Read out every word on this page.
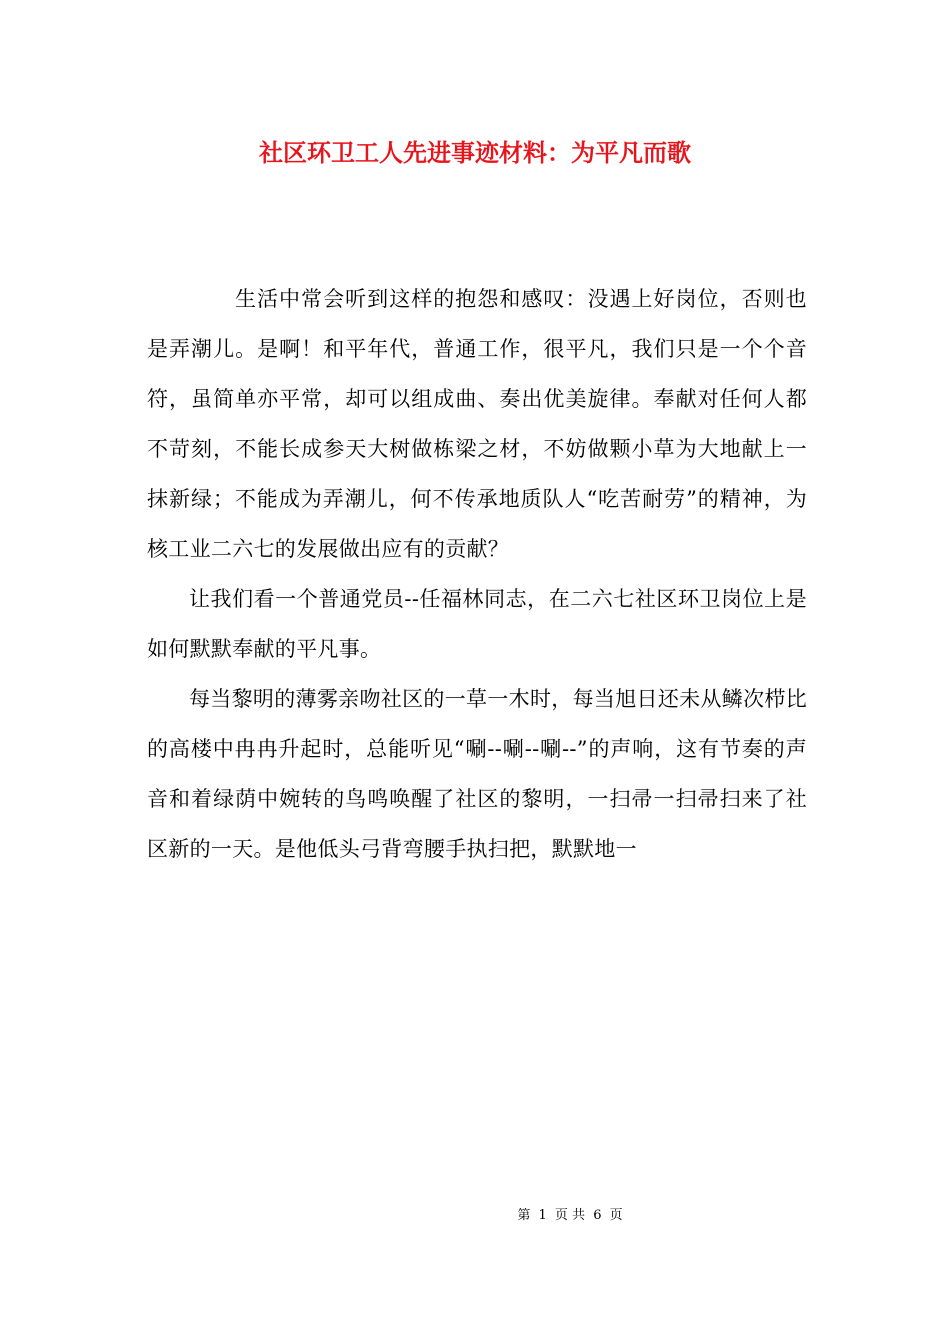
社区环卫工人先进事迹材料：为平凡而歌

生活中常会听到这样的抱怨和感叹：没遇上好岗位，否则也是弄潮儿。是啊！和平年代，普通工作，很平凡，我们只是一个个音符，虽简单亦平常，却可以组成曲、奏出优美旋律。奉献对任何人都不苛刻，不能长成参天大树做栋梁之材，不妨做颗小草为大地献上一抹新绿；不能成为弄潮儿，何不传承地质队人“吃苦耐劳”的精神，为核工业二六七的发展做出应有的贡献？

让我们看一个普通党员--任福林同志，在二六七社区环卫岗位上是如何默默奉献的平凡事。

每当黎明的薄雾亲吻社区的一草一木时，每当旭日还未从鳞次栉比的高楼中冉冉升起时，总能听见“唰--唰--唰--”的声响，这有节奏的声音和着绿荫中婉转的鸟鸣唤醒了社区的黎明，一扫帚一扫帚扫来了社区新的一天。是他低头弓背弯腰手执扫把，默默地一

第 1 页 共 6 页
